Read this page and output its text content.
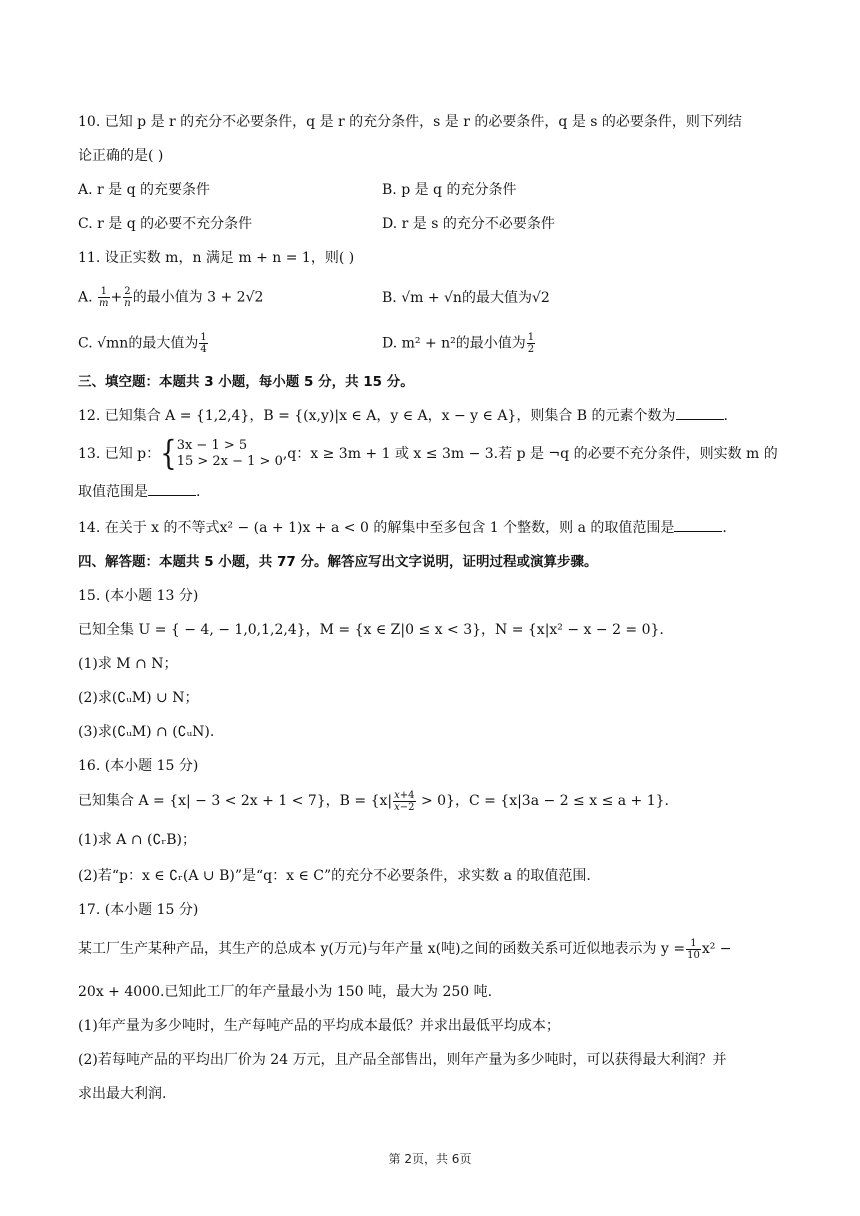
10. 已知 p 是 r 的充分不必要条件，q 是 r 的充分条件，s 是 r 的必要条件，q 是 s 的必要条件，则下列结
论正确的是( )
A. r 是 q 的充要条件	B. p 是 q 的充分条件
C. r 是 q 的必要不充分条件	D. r 是 s 的充分不必要条件
11. 设正实数 m，n 满足 m + n = 1，则( )
A. $\frac{1}{m} + \frac{2}{n}$ 的最小值为 3 + 2√2	B. √m + √n的最大值为√2
C. √mn的最大值为 $\frac{1}{4}$	D. m² + n²的最小值为 $\frac{1}{2}$
三、填空题：本题共 3 小题，每小题 5 分，共 15 分。
12. 已知集合 A = {1,2,4}，B = {(x,y)|x ∈ A，y ∈ A，x − y ∈ A}，则集合 B 的元素个数为	.
13. 已知 p：{ 3x − 1 > 5
15 > 2x − 1 > 0 ,q：x ≥ 3m + 1 或 x ≤ 3m − 3.若 p 是 ¬q 的必要不充分条件，则实数 m 的
取值范围是	.
14. 在关于 x 的不等式x² − (a + 1)x + a < 0 的解集中至多包含 1 个整数，则 a 的取值范围是	.
四、解答题：本题共 5 小题，共 77 分。解答应写出文字说明，证明过程或演算步骤。
15. (本小题 13 分)
已知全集 U = { − 4, − 1,0,1,2,4}，M = {x ∈ Z|0 ≤ x < 3}，N = {x|x² − x − 2 = 0}.
(1)求 M ∩ N；
(2)求(∁ᵤM) ∪ N；
(3)求(∁ᵤM) ∩ (∁ᵤN).
16. (本小题 15 分)
已知集合 A = {x| − 3 < 2x + 1 < 7}，$B = \{x| \frac{x+4}{x-2} > 0\}$，C = {x|3a − 2 ≤ x ≤ a + 1}.
(1)求 A ∩ (∁ᵣB)；
(2)若“p：x ∈ ∁ᵣ(A ∪ B)”是“q：x ∈ C”的充分不必要条件，求实数 a 的取值范围.
17. (本小题 15 分)
某工厂生产某种产品，其生产的总成本 y(万元)与年产量 x(吨)之间的函数关系可近似地表示为 $y = \frac{1}{10} x^2$ −
20x + 4000.已知此工厂的年产量最小为 150 吨，最大为 250 吨.
(1)年产量为多少吨时，生产每吨产品的平均成本最低？并求出最低平均成本；
(2)若每吨产品的平均出厂价为 24 万元，且产品全部售出，则年产量为多少吨时，可以获得最大利润？并
求出最大利润.
第 2页，共 6页
